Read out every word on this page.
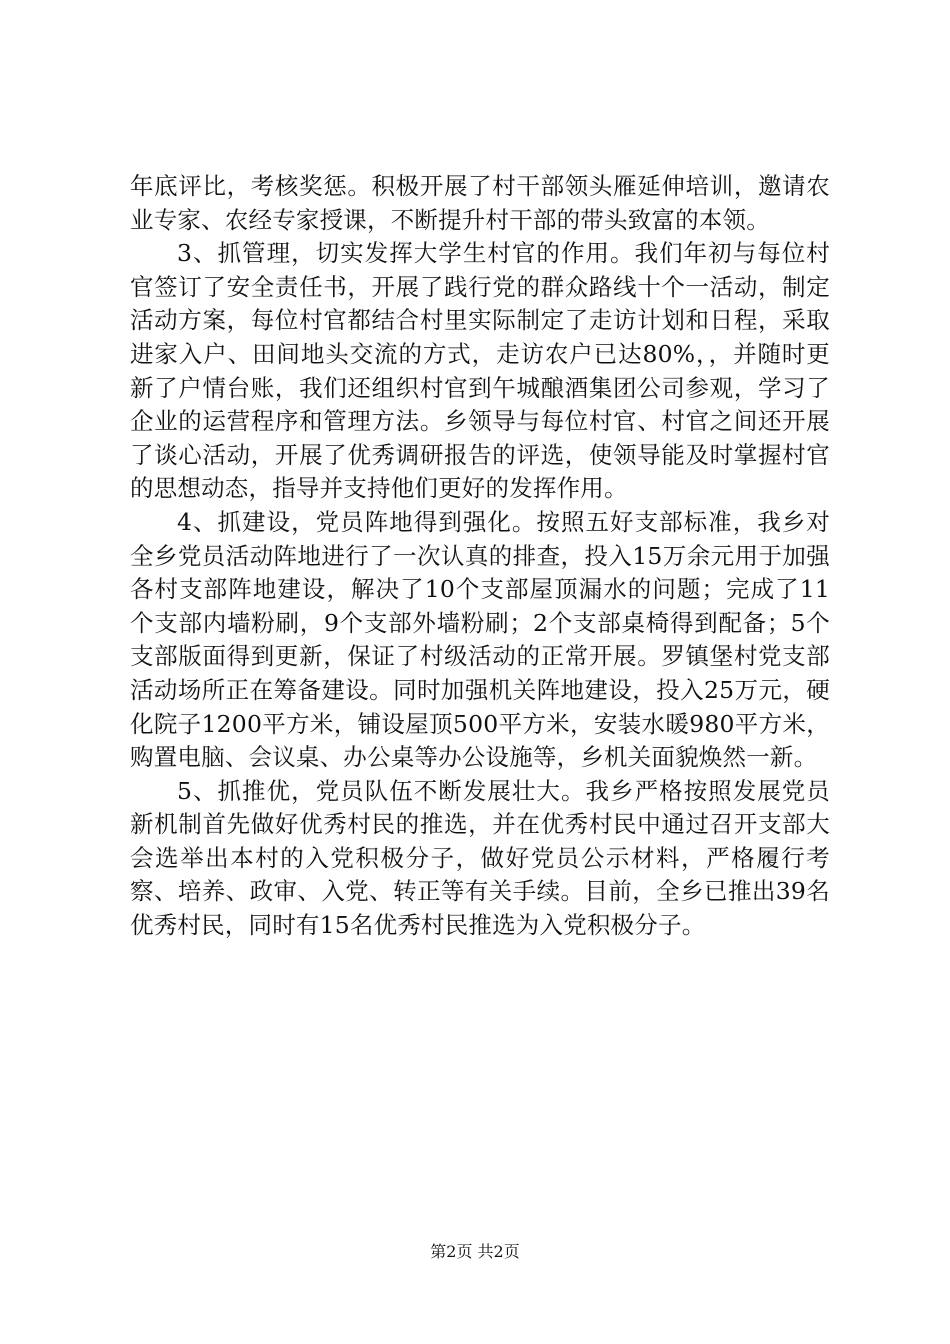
年底评比，考核奖惩。积极开展了村干部领头雁延伸培训，邀请农业专家、农经专家授课，不断提升村干部的带头致富的本领。

3、抓管理，切实发挥大学生村官的作用。我们年初与每位村官签订了安全责任书，开展了践行党的群众路线十个一活动，制定活动方案，每位村官都结合村里实际制定了走访计划和日程，采取进家入户、田间地头交流的方式，走访农户已达80%，，并随时更新了户情台账，我们还组织村官到午城酿酒集团公司参观，学习了企业的运营程序和管理方法。乡领导与每位村官、村官之间还开展了谈心活动，开展了优秀调研报告的评选，使领导能及时掌握村官的思想动态，指导并支持他们更好的发挥作用。

4、抓建设，党员阵地得到强化。按照五好支部标准，我乡对全乡党员活动阵地进行了一次认真的排查，投入15万余元用于加强各村支部阵地建设，解决了10个支部屋顶漏水的问题；完成了11个支部内墙粉刷，9个支部外墙粉刷；2个支部桌椅得到配备；5个支部版面得到更新，保证了村级活动的正常开展。罗镇堡村党支部活动场所正在筹备建设。同时加强机关阵地建设，投入25万元，硬化院子1200平方米，铺设屋顶500平方米，安装水暖980平方米，购置电脑、会议桌、办公桌等办公设施等，乡机关面貌焕然一新。

5、抓推优，党员队伍不断发展壮大。我乡严格按照发展党员新机制首先做好优秀村民的推选，并在优秀村民中通过召开支部大会选举出本村的入党积极分子，做好党员公示材料，严格履行考察、培养、政审、入党、转正等有关手续。目前，全乡已推出39名优秀村民，同时有15名优秀村民推选为入党积极分子。

第2页 共2页
